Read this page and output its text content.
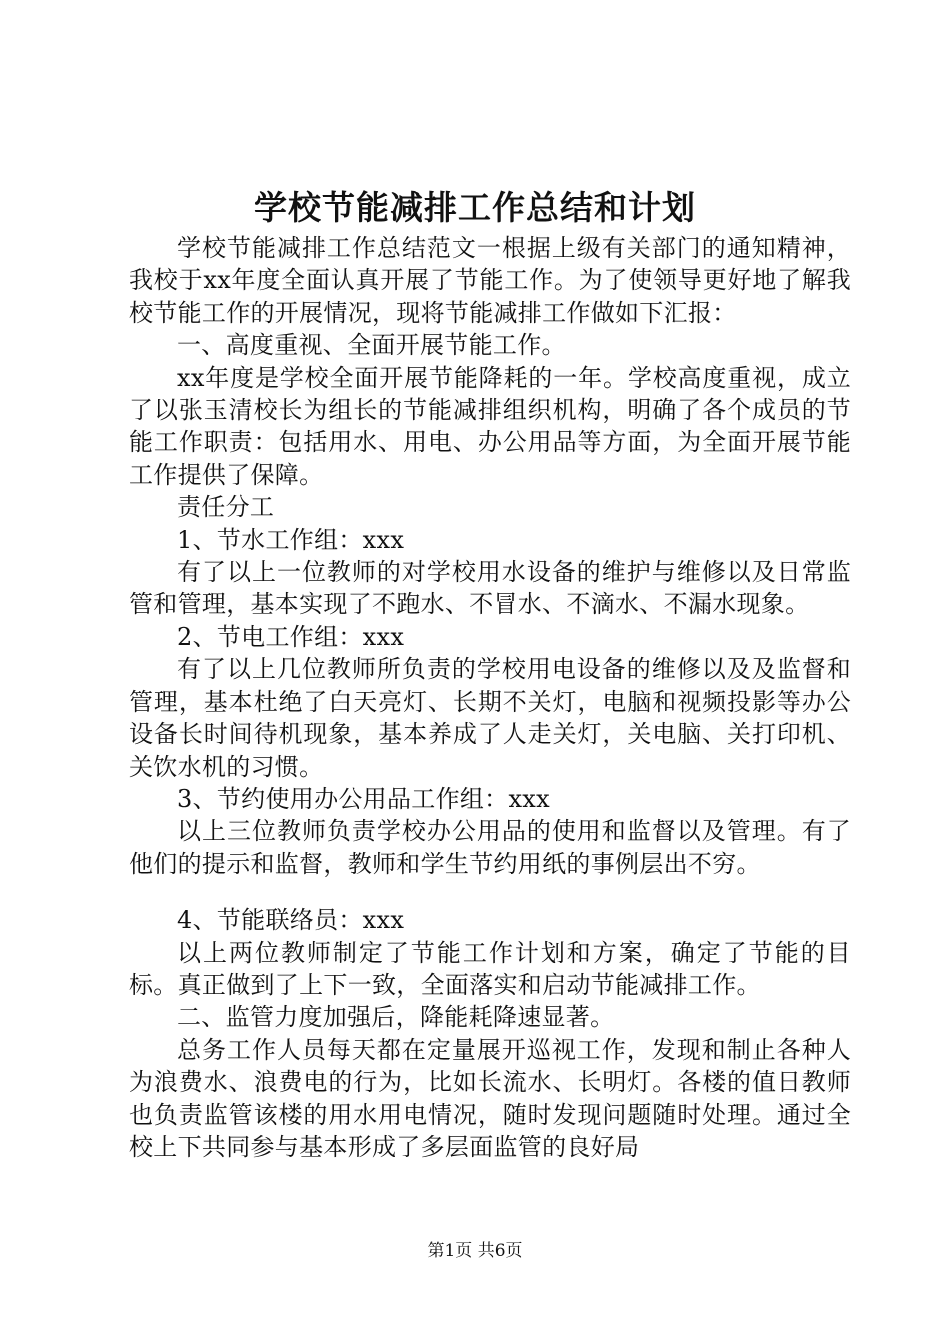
学校节能减排工作总结和计划

学校节能减排工作总结范文一根据上级有关部门的通知精神，我校于xx年度全面认真开展了节能工作。为了使领导更好地了解我校节能工作的开展情况，现将节能减排工作做如下汇报：

一、高度重视、全面开展节能工作。

xx年度是学校全面开展节能降耗的一年。学校高度重视，成立了以张玉清校长为组长的节能减排组织机构，明确了各个成员的节能工作职责：包括用水、用电、办公用品等方面，为全面开展节能工作提供了保障。

责任分工

1、节水工作组：xxx

有了以上一位教师的对学校用水设备的维护与维修以及日常监管和管理，基本实现了不跑水、不冒水、不滴水、不漏水现象。

2、节电工作组：xxx

有了以上几位教师所负责的学校用电设备的维修以及及监督和管理，基本杜绝了白天亮灯、长期不关灯，电脑和视频投影等办公设备长时间待机现象，基本养成了人走关灯，关电脑、关打印机、关饮水机的习惯。

3、节约使用办公用品工作组：xxx

以上三位教师负责学校办公用品的使用和监督以及管理。有了他们的提示和监督，教师和学生节约用纸的事例层出不穷。

4、节能联络员：xxx

以上两位教师制定了节能工作计划和方案，确定了节能的目标。真正做到了上下一致，全面落实和启动节能减排工作。

二、监管力度加强后，降能耗降速显著。

总务工作人员每天都在定量展开巡视工作，发现和制止各种人为浪费水、浪费电的行为，比如长流水、长明灯。各楼的值日教师也负责监管该楼的用水用电情况，随时发现问题随时处理。通过全校上下共同参与基本形成了多层面监管的良好局

第1页 共6页
